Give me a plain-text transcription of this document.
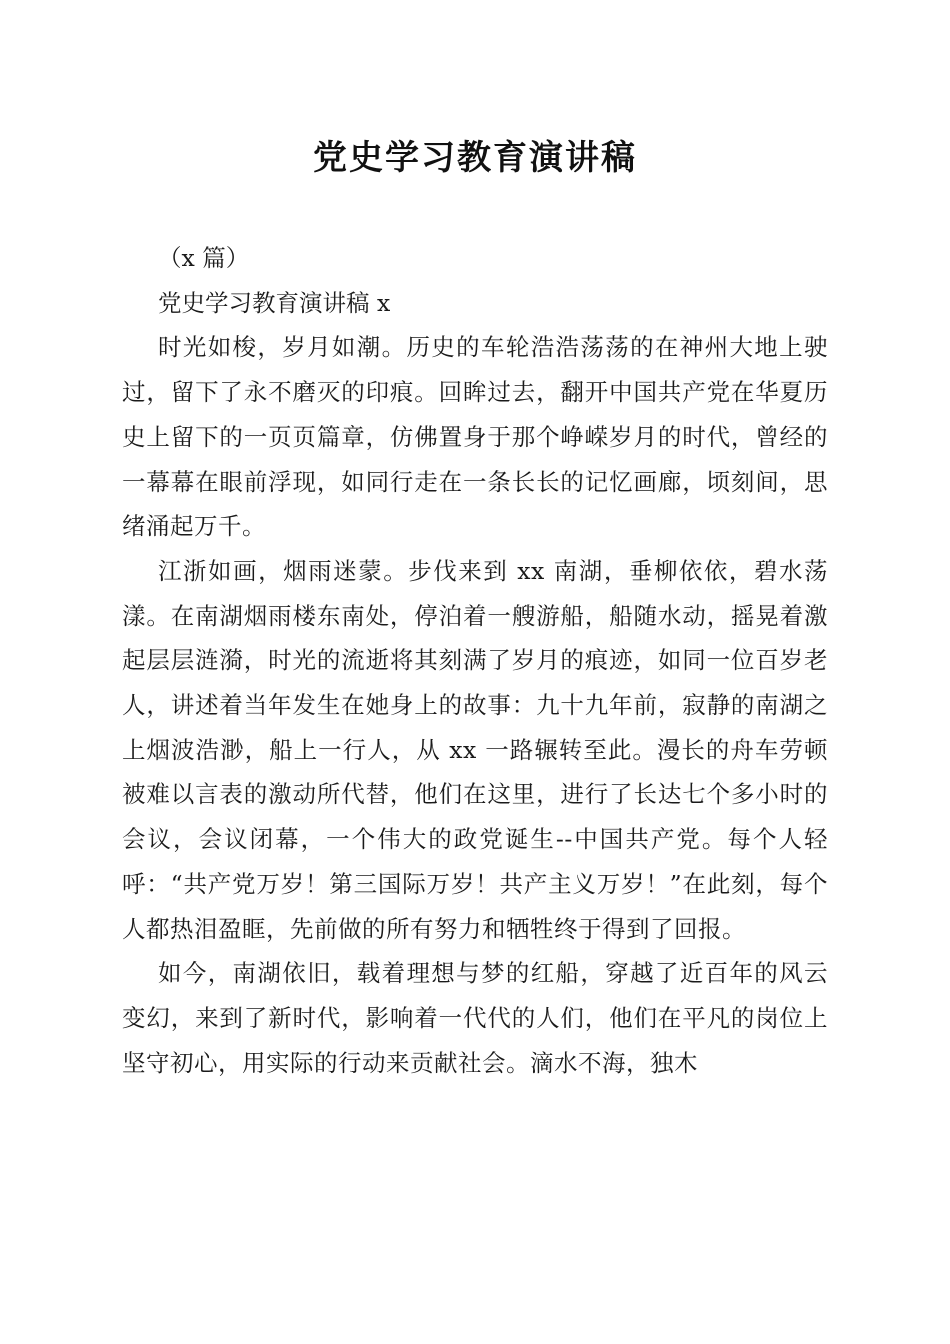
党史学习教育演讲稿

（x 篇）

党史学习教育演讲稿 x

时光如梭，岁月如潮。历史的车轮浩浩荡荡的在神州大地上驶过，留下了永不磨灭的印痕。回眸过去，翻开中国共产党在华夏历史上留下的一页页篇章，仿佛置身于那个峥嵘岁月的时代，曾经的一幕幕在眼前浮现，如同行走在一条长长的记忆画廊，顷刻间，思绪涌起万千。

江浙如画，烟雨迷蒙。步伐来到 xx 南湖，垂柳依依，碧水荡漾。在南湖烟雨楼东南处，停泊着一艘游船，船随水动，摇晃着激起层层涟漪，时光的流逝将其刻满了岁月的痕迹，如同一位百岁老人，讲述着当年发生在她身上的故事：九十九年前，寂静的南湖之上烟波浩渺，船上一行人，从 xx 一路辗转至此。漫长的舟车劳顿被难以言表的激动所代替，他们在这里，进行了长达七个多小时的会议，会议闭幕，一个伟大的政党诞生--中国共产党。每个人轻呼：“共产党万岁！第三国际万岁！共产主义万岁！”在此刻，每个人都热泪盈眶，先前做的所有努力和牺牲终于得到了回报。

如今，南湖依旧，载着理想与梦的红船，穿越了近百年的风云变幻，来到了新时代，影响着一代代的人们，他们在平凡的岗位上坚守初心，用实际的行动来贡献社会。滴水不海，独木
